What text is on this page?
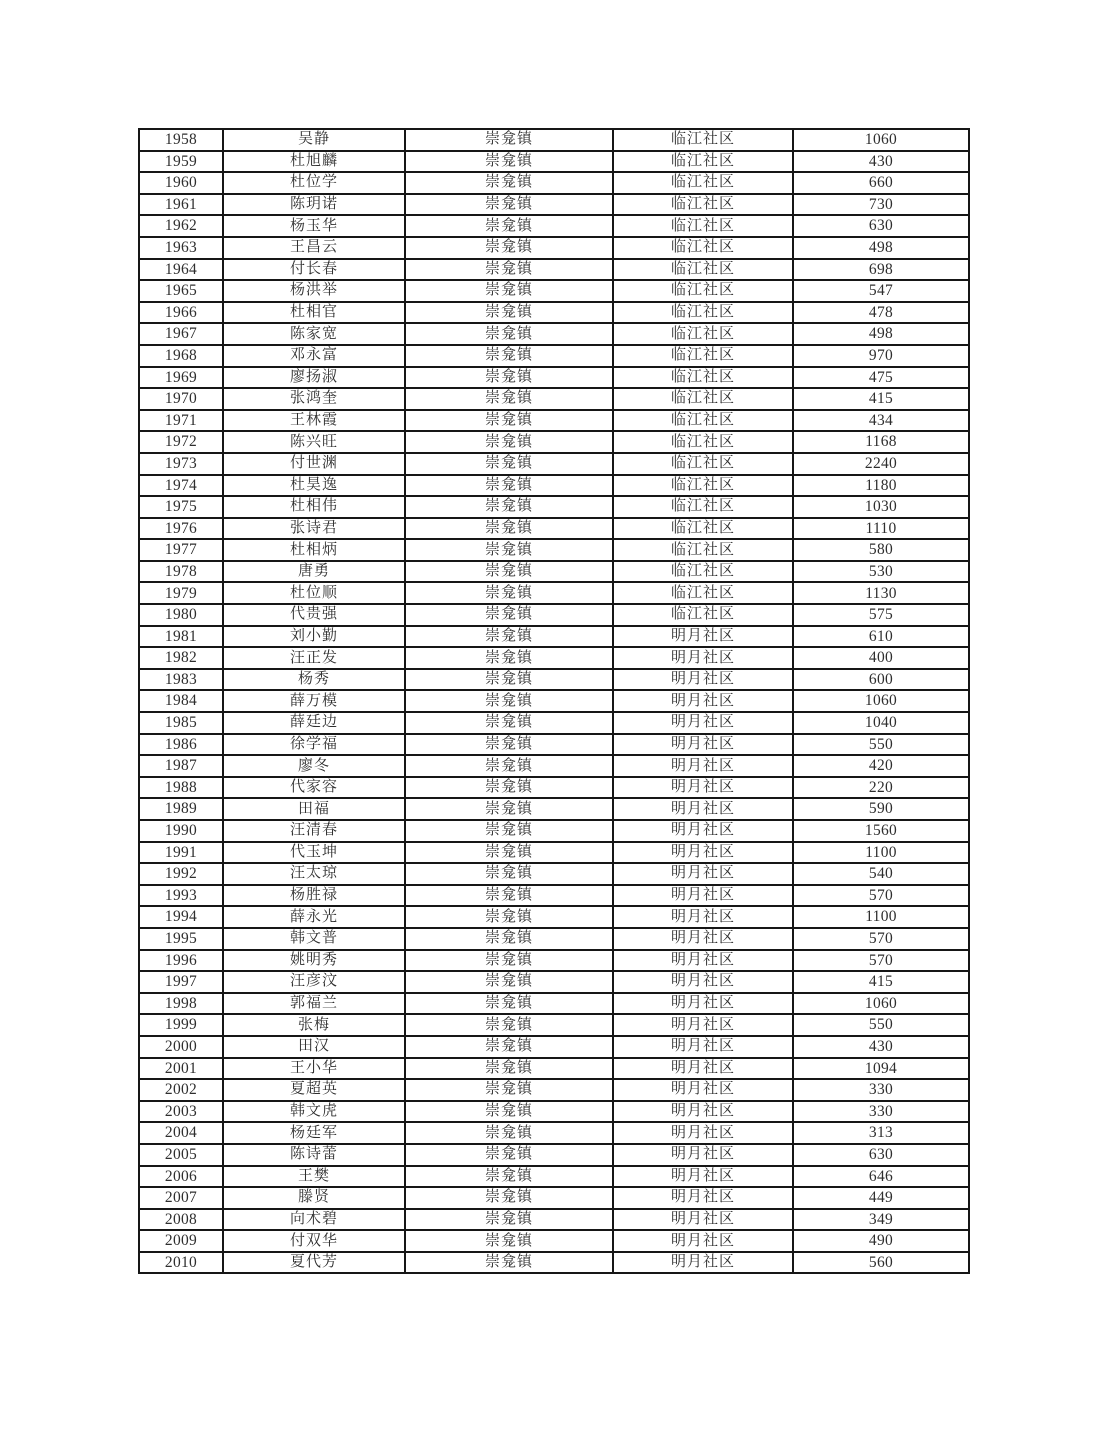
1958	吴静	崇龛镇	临江社区	1060
1959	杜旭麟	崇龛镇	临江社区	430
1960	杜位学	崇龛镇	临江社区	660
1961	陈玥诺	崇龛镇	临江社区	730
1962	杨玉华	崇龛镇	临江社区	630
1963	王昌云	崇龛镇	临江社区	498
1964	付长春	崇龛镇	临江社区	698
1965	杨洪举	崇龛镇	临江社区	547
1966	杜相官	崇龛镇	临江社区	478
1967	陈家宽	崇龛镇	临江社区	498
1968	邓永富	崇龛镇	临江社区	970
1969	廖扬淑	崇龛镇	临江社区	475
1970	张鸿奎	崇龛镇	临江社区	415
1971	王林霞	崇龛镇	临江社区	434
1972	陈兴旺	崇龛镇	临江社区	1168
1973	付世渊	崇龛镇	临江社区	2240
1974	杜昊逸	崇龛镇	临江社区	1180
1975	杜相伟	崇龛镇	临江社区	1030
1976	张诗君	崇龛镇	临江社区	1110
1977	杜相炳	崇龛镇	临江社区	580
1978	唐勇	崇龛镇	临江社区	530
1979	杜位顺	崇龛镇	临江社区	1130
1980	代贵强	崇龛镇	临江社区	575
1981	刘小勤	崇龛镇	明月社区	610
1982	汪正发	崇龛镇	明月社区	400
1983	杨秀	崇龛镇	明月社区	600
1984	薛万模	崇龛镇	明月社区	1060
1985	薛廷边	崇龛镇	明月社区	1040
1986	徐学福	崇龛镇	明月社区	550
1987	廖冬	崇龛镇	明月社区	420
1988	代家容	崇龛镇	明月社区	220
1989	田福	崇龛镇	明月社区	590
1990	汪清春	崇龛镇	明月社区	1560
1991	代玉坤	崇龛镇	明月社区	1100
1992	汪太琼	崇龛镇	明月社区	540
1993	杨胜禄	崇龛镇	明月社区	570
1994	薛永光	崇龛镇	明月社区	1100
1995	韩文普	崇龛镇	明月社区	570
1996	姚明秀	崇龛镇	明月社区	570
1997	汪彦汶	崇龛镇	明月社区	415
1998	郭福兰	崇龛镇	明月社区	1060
1999	张梅	崇龛镇	明月社区	550
2000	田汉	崇龛镇	明月社区	430
2001	王小华	崇龛镇	明月社区	1094
2002	夏超英	崇龛镇	明月社区	330
2003	韩文虎	崇龛镇	明月社区	330
2004	杨廷军	崇龛镇	明月社区	313
2005	陈诗蕾	崇龛镇	明月社区	630
2006	王樊	崇龛镇	明月社区	646
2007	滕贤	崇龛镇	明月社区	449
2008	向术碧	崇龛镇	明月社区	349
2009	付双华	崇龛镇	明月社区	490
2010	夏代芳	崇龛镇	明月社区	560
